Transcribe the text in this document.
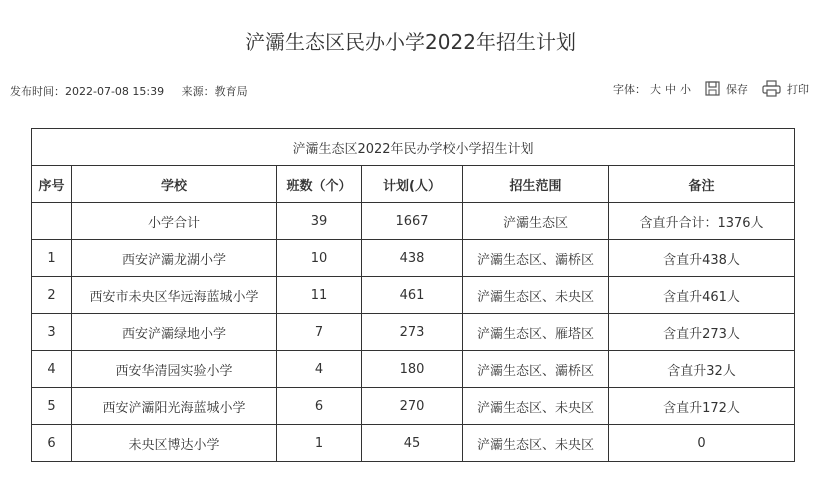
浐灞生态区民办小学2022年招生计划
发布时间：2022-07-08 15:39 来源：教育局	字体： 大 中 小	保存	打印
浐灞生态区2022年民办学校小学招生计划					
序号	学校	班数（个）	计划(人）	招生范围	备注
	小学合计	39	1667	浐灞生态区	含直升合计：1376人
1	西安浐灞龙湖小学	10	438	浐灞生态区、灞桥区	含直升438人
2	西安市未央区华远海蓝城小学	11	461	浐灞生态区、未央区	含直升461人
3	西安浐灞绿地小学	7	273	浐灞生态区、雁塔区	含直升273人
4	西安华清园实验小学	4	180	浐灞生态区、灞桥区	含直升32人
5	西安浐灞阳光海蓝城小学	6	270	浐灞生态区、未央区	含直升172人
6	未央区博达小学	1	45	浐灞生态区、未央区	0
